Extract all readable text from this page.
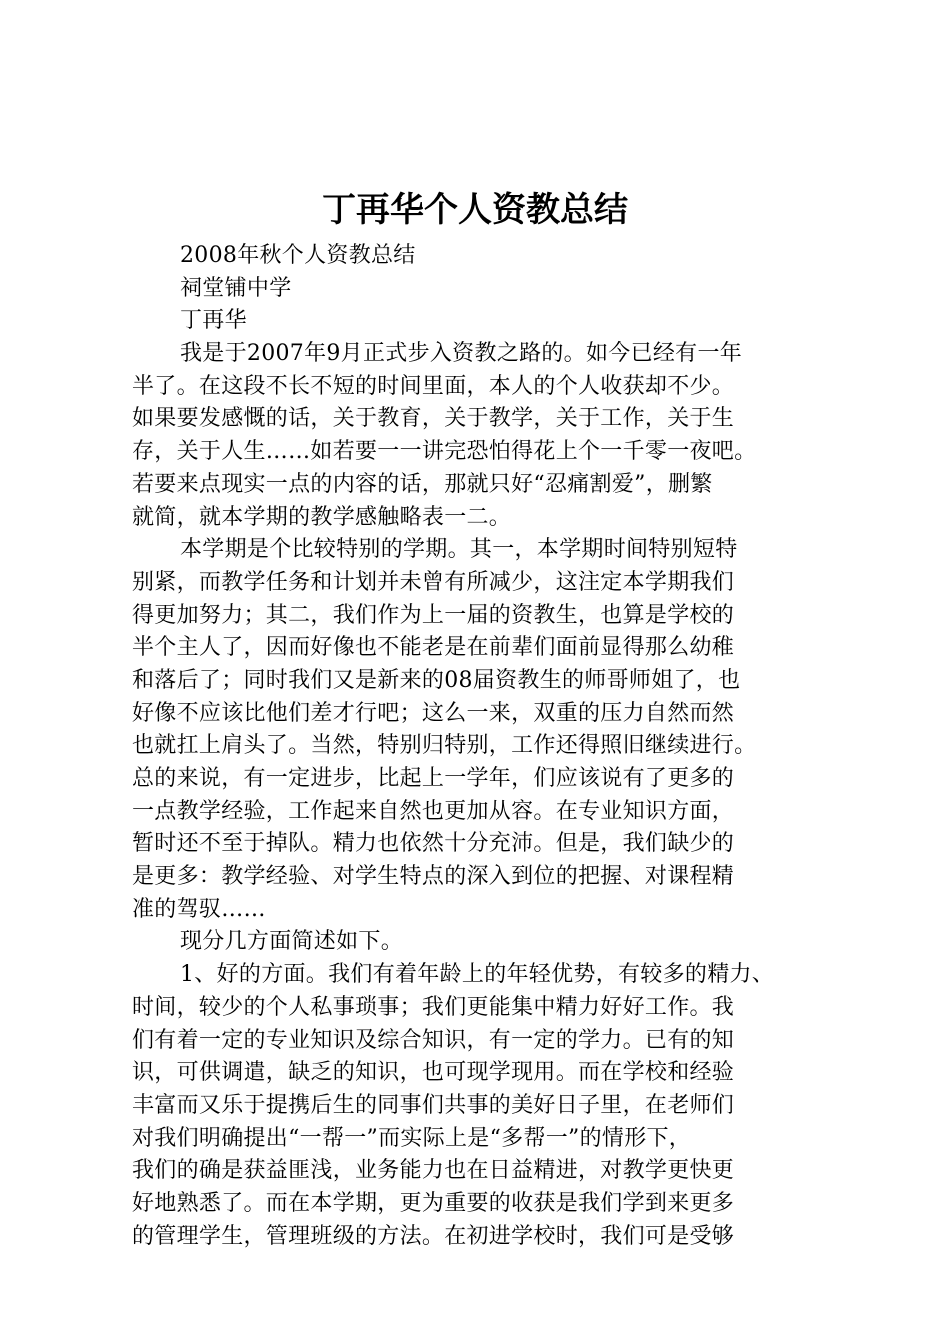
丁再华个人资教总结
2008年秋个人资教总结
祠堂铺中学
丁再华
我是于2007年9月正式步入资教之路的。如今已经有一年
半了。在这段不长不短的时间里面，本人的个人收获却不少。
如果要发感慨的话，关于教育，关于教学，关于工作，关于生
存，关于人生……如若要一一讲完恐怕得花上个一千零一夜吧。
若要来点现实一点的内容的话，那就只好“忍痛割爱”，删繁
就简，就本学期的教学感触略表一二。
本学期是个比较特别的学期。其一，本学期时间特别短特
别紧，而教学任务和计划并未曾有所减少，这注定本学期我们
得更加努力；其二，我们作为上一届的资教生，也算是学校的
半个主人了，因而好像也不能老是在前辈们面前显得那么幼稚
和落后了；同时我们又是新来的08届资教生的师哥师姐了，也
好像不应该比他们差才行吧；这么一来，双重的压力自然而然
也就扛上肩头了。当然，特别归特别，工作还得照旧继续进行。
总的来说，有一定进步，比起上一学年，们应该说有了更多的
一点教学经验，工作起来自然也更加从容。在专业知识方面，
暂时还不至于掉队。精力也依然十分充沛。但是，我们缺少的
是更多：教学经验、对学生特点的深入到位的把握、对课程精
准的驾驭……
现分几方面简述如下。
1、好的方面。我们有着年龄上的年轻优势，有较多的精力、
时间，较少的个人私事琐事；我们更能集中精力好好工作。我
们有着一定的专业知识及综合知识，有一定的学力。已有的知
识，可供调遣，缺乏的知识，也可现学现用。而在学校和经验
丰富而又乐于提携后生的同事们共事的美好日子里，在老师们
对我们明确提出“一帮一”而实际上是“多帮一”的情形下，
我们的确是获益匪浅，业务能力也在日益精进，对教学更快更
好地熟悉了。而在本学期，更为重要的收获是我们学到来更多
的管理学生，管理班级的方法。在初进学校时，我们可是受够
